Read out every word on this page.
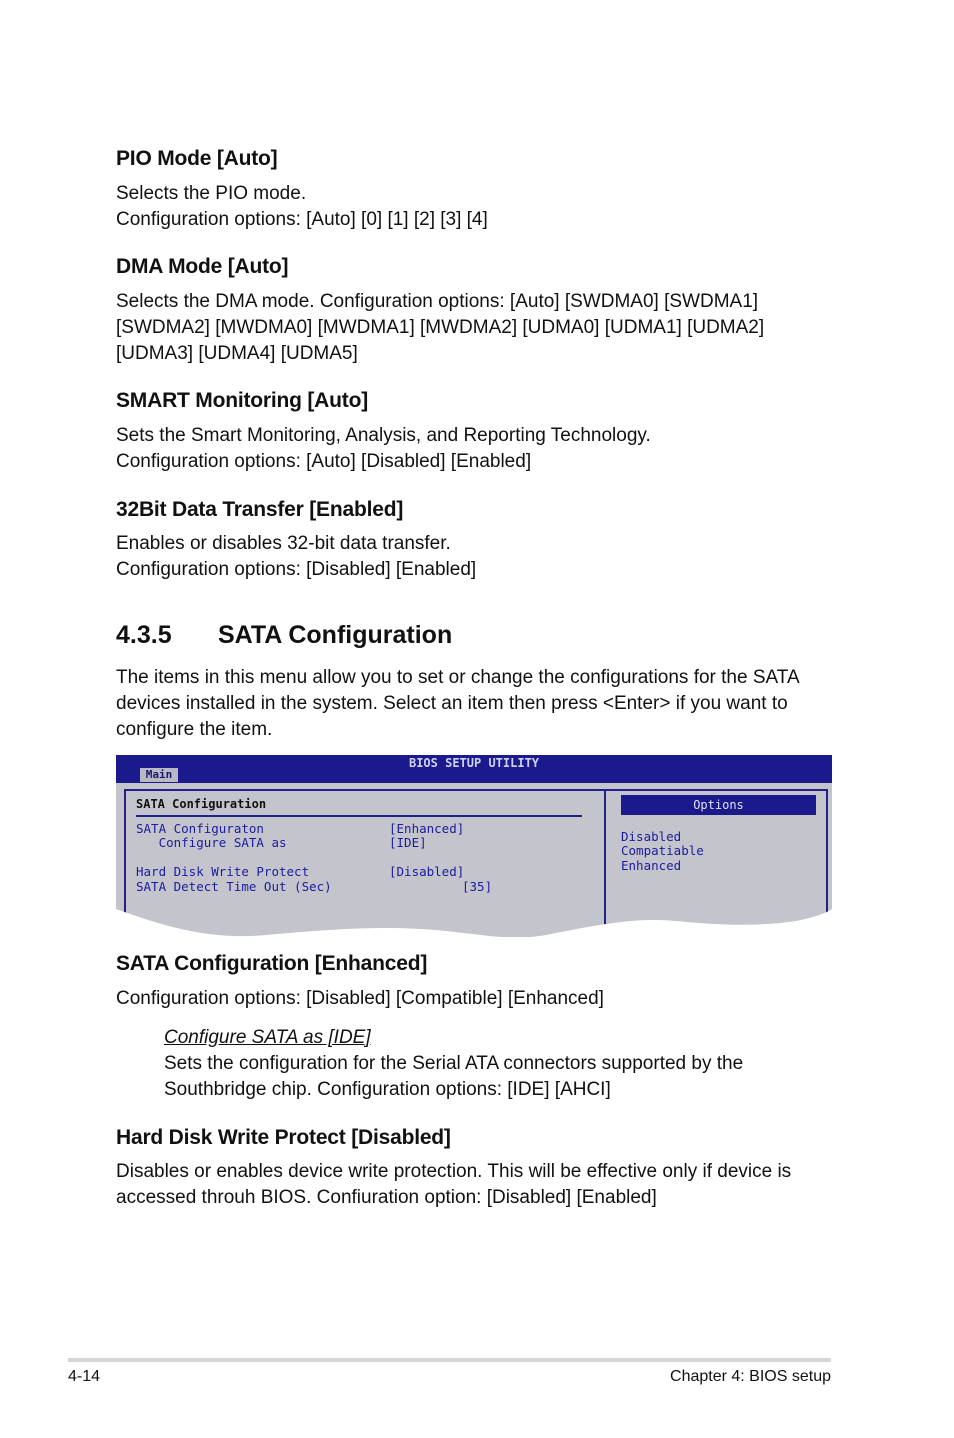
PIO Mode [Auto]

Selects the PIO mode.
Configuration options: [Auto] [0] [1] [2] [3] [4]

DMA Mode [Auto]

Selects the DMA mode. Configuration options: [Auto] [SWDMA0] [SWDMA1]
[SWDMA2] [MWDMA0] [MWDMA1] [MWDMA2] [UDMA0] [UDMA1] [UDMA2]
[UDMA3] [UDMA4] [UDMA5]

SMART Monitoring [Auto]

Sets the Smart Monitoring, Analysis, and Reporting Technology.
Configuration options: [Auto] [Disabled] [Enabled]

32Bit Data Transfer [Enabled]

Enables or disables 32-bit data transfer.
Configuration options: [Disabled] [Enabled]

4.3.5 SATA Configuration

The items in this menu allow you to set or change the configurations for the SATA
devices installed in the system. Select an item then press <Enter> if you want to
configure the item.

BIOS SETUP UTILITY
Main
SATA Configuration
SATA Configuraton	[Enhanced]
Configure SATA as	[IDE]
Hard Disk Write Protect	[Disabled]
SATA Detect Time Out (Sec)	[35]
Options
Disabled
Compatiable
Enhanced
SATA Configuration [Enhanced]

Configuration options: [Disabled] [Compatible] [Enhanced]

Configure SATA as [IDE]
Sets the configuration for the Serial ATA connectors supported by the
Southbridge chip. Configuration options: [IDE] [AHCI]

Hard Disk Write Protect [Disabled]

Disables or enables device write protection. This will be effective only if device is
accessed throuh BIOS. Confiuration option: [Disabled] [Enabled]

4-14	Chapter 4: BIOS setup
